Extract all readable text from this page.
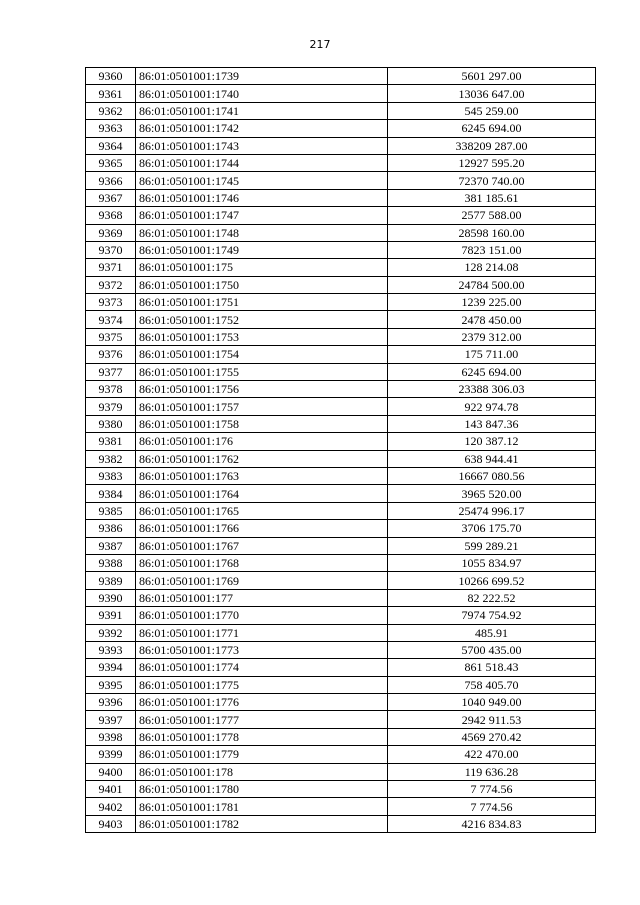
217
9360	86:01:0501001:1739	5601 297.00
9361	86:01:0501001:1740	13036 647.00
9362	86:01:0501001:1741	545 259.00
9363	86:01:0501001:1742	6245 694.00
9364	86:01:0501001:1743	338209 287.00
9365	86:01:0501001:1744	12927 595.20
9366	86:01:0501001:1745	72370 740.00
9367	86:01:0501001:1746	381 185.61
9368	86:01:0501001:1747	2577 588.00
9369	86:01:0501001:1748	28598 160.00
9370	86:01:0501001:1749	7823 151.00
9371	86:01:0501001:175	128 214.08
9372	86:01:0501001:1750	24784 500.00
9373	86:01:0501001:1751	1239 225.00
9374	86:01:0501001:1752	2478 450.00
9375	86:01:0501001:1753	2379 312.00
9376	86:01:0501001:1754	175 711.00
9377	86:01:0501001:1755	6245 694.00
9378	86:01:0501001:1756	23388 306.03
9379	86:01:0501001:1757	922 974.78
9380	86:01:0501001:1758	143 847.36
9381	86:01:0501001:176	120 387.12
9382	86:01:0501001:1762	638 944.41
9383	86:01:0501001:1763	16667 080.56
9384	86:01:0501001:1764	3965 520.00
9385	86:01:0501001:1765	25474 996.17
9386	86:01:0501001:1766	3706 175.70
9387	86:01:0501001:1767	599 289.21
9388	86:01:0501001:1768	1055 834.97
9389	86:01:0501001:1769	10266 699.52
9390	86:01:0501001:177	82 222.52
9391	86:01:0501001:1770	7974 754.92
9392	86:01:0501001:1771	485.91
9393	86:01:0501001:1773	5700 435.00
9394	86:01:0501001:1774	861 518.43
9395	86:01:0501001:1775	758 405.70
9396	86:01:0501001:1776	1040 949.00
9397	86:01:0501001:1777	2942 911.53
9398	86:01:0501001:1778	4569 270.42
9399	86:01:0501001:1779	422 470.00
9400	86:01:0501001:178	119 636.28
9401	86:01:0501001:1780	7 774.56
9402	86:01:0501001:1781	7 774.56
9403	86:01:0501001:1782	4216 834.83
